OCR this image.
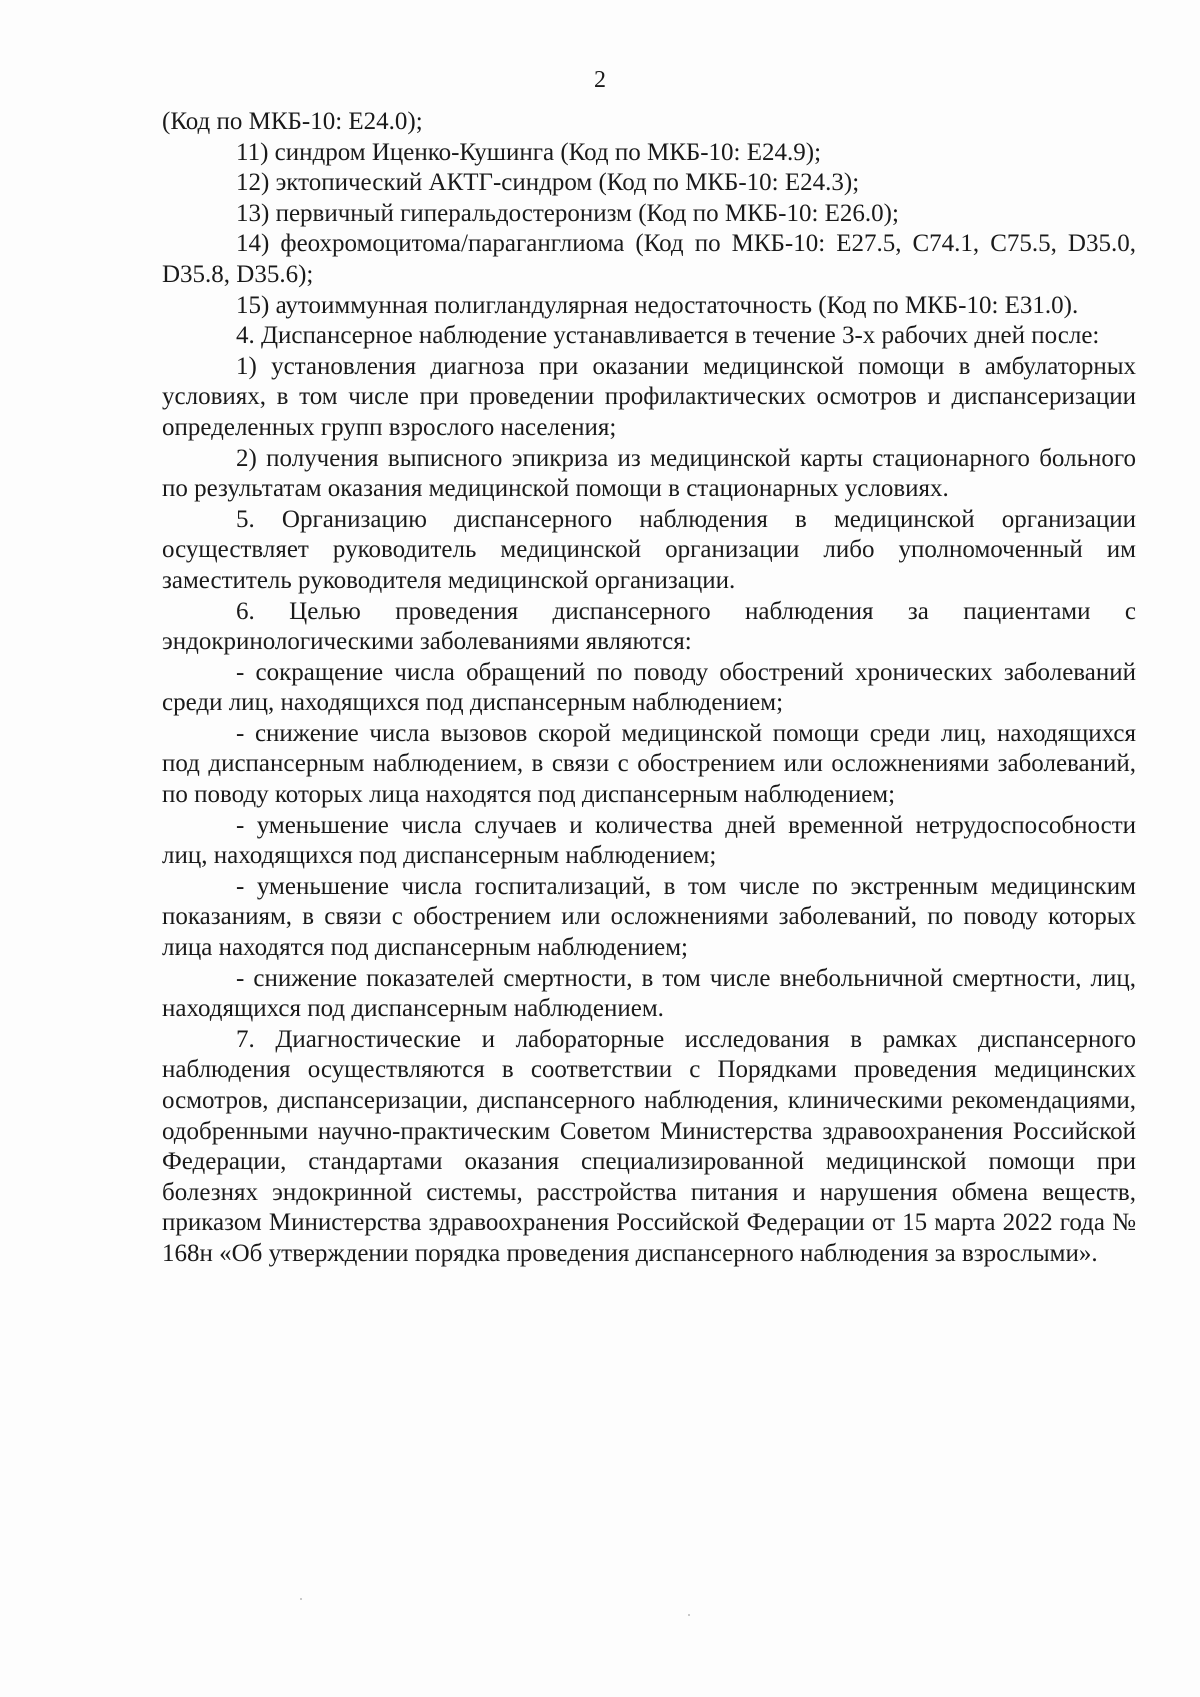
2

(Код по МКБ-10: E24.0);

11) синдром Иценко-Кушинга (Код по МКБ-10: E24.9);

12) эктопический АКТГ-синдром (Код по МКБ-10: E24.3);

13) первичный гиперальдостеронизм (Код по МКБ-10: E26.0);

14) феохромоцитома/параганглиома (Код по МКБ-10: E27.5, C74.1, C75.5, D35.0, D35.8, D35.6);

15) аутоиммунная полигландулярная недостаточность (Код по МКБ-10: E31.0).

4. Диспансерное наблюдение устанавливается в течение 3-х рабочих дней после:

1) установления диагноза при оказании медицинской помощи в амбулаторных условиях, в том числе при проведении профилактических осмотров и диспансеризации определенных групп взрослого населения;

2) получения выписного эпикриза из медицинской карты стационарного больного по результатам оказания медицинской помощи в стационарных условиях.

5. Организацию диспансерного наблюдения в медицинской организации осуществляет руководитель медицинской организации либо уполномоченный им заместитель руководителя медицинской организации.

6. Целью проведения диспансерного наблюдения за пациентами с эндокринологическими заболеваниями являются:

- сокращение числа обращений по поводу обострений хронических заболеваний среди лиц, находящихся под диспансерным наблюдением;

- снижение числа вызовов скорой медицинской помощи среди лиц, находящихся под диспансерным наблюдением, в связи с обострением или осложнениями заболеваний, по поводу которых лица находятся под диспансерным наблюдением;

- уменьшение числа случаев и количества дней временной нетрудоспособности лиц, находящихся под диспансерным наблюдением;

- уменьшение числа госпитализаций, в том числе по экстренным медицинским показаниям, в связи с обострением или осложнениями заболеваний, по поводу которых лица находятся под диспансерным наблюдением;

- снижение показателей смертности, в том числе внебольничной смертности, лиц, находящихся под диспансерным наблюдением.

7. Диагностические и лабораторные исследования в рамках диспансерного наблюдения осуществляются в соответствии с Порядками проведения медицинских осмотров, диспансеризации, диспансерного наблюдения, клиническими рекомендациями, одобренными научно-практическим Советом Министерства здравоохранения Российской Федерации, стандартами оказания специализированной медицинской помощи при болезнях эндокринной системы, расстройства питания и нарушения обмена веществ, приказом Министерства здравоохранения Российской Федерации от 15 марта 2022 года № 168н «Об утверждении порядка проведения диспансерного наблюдения за взрослыми».
